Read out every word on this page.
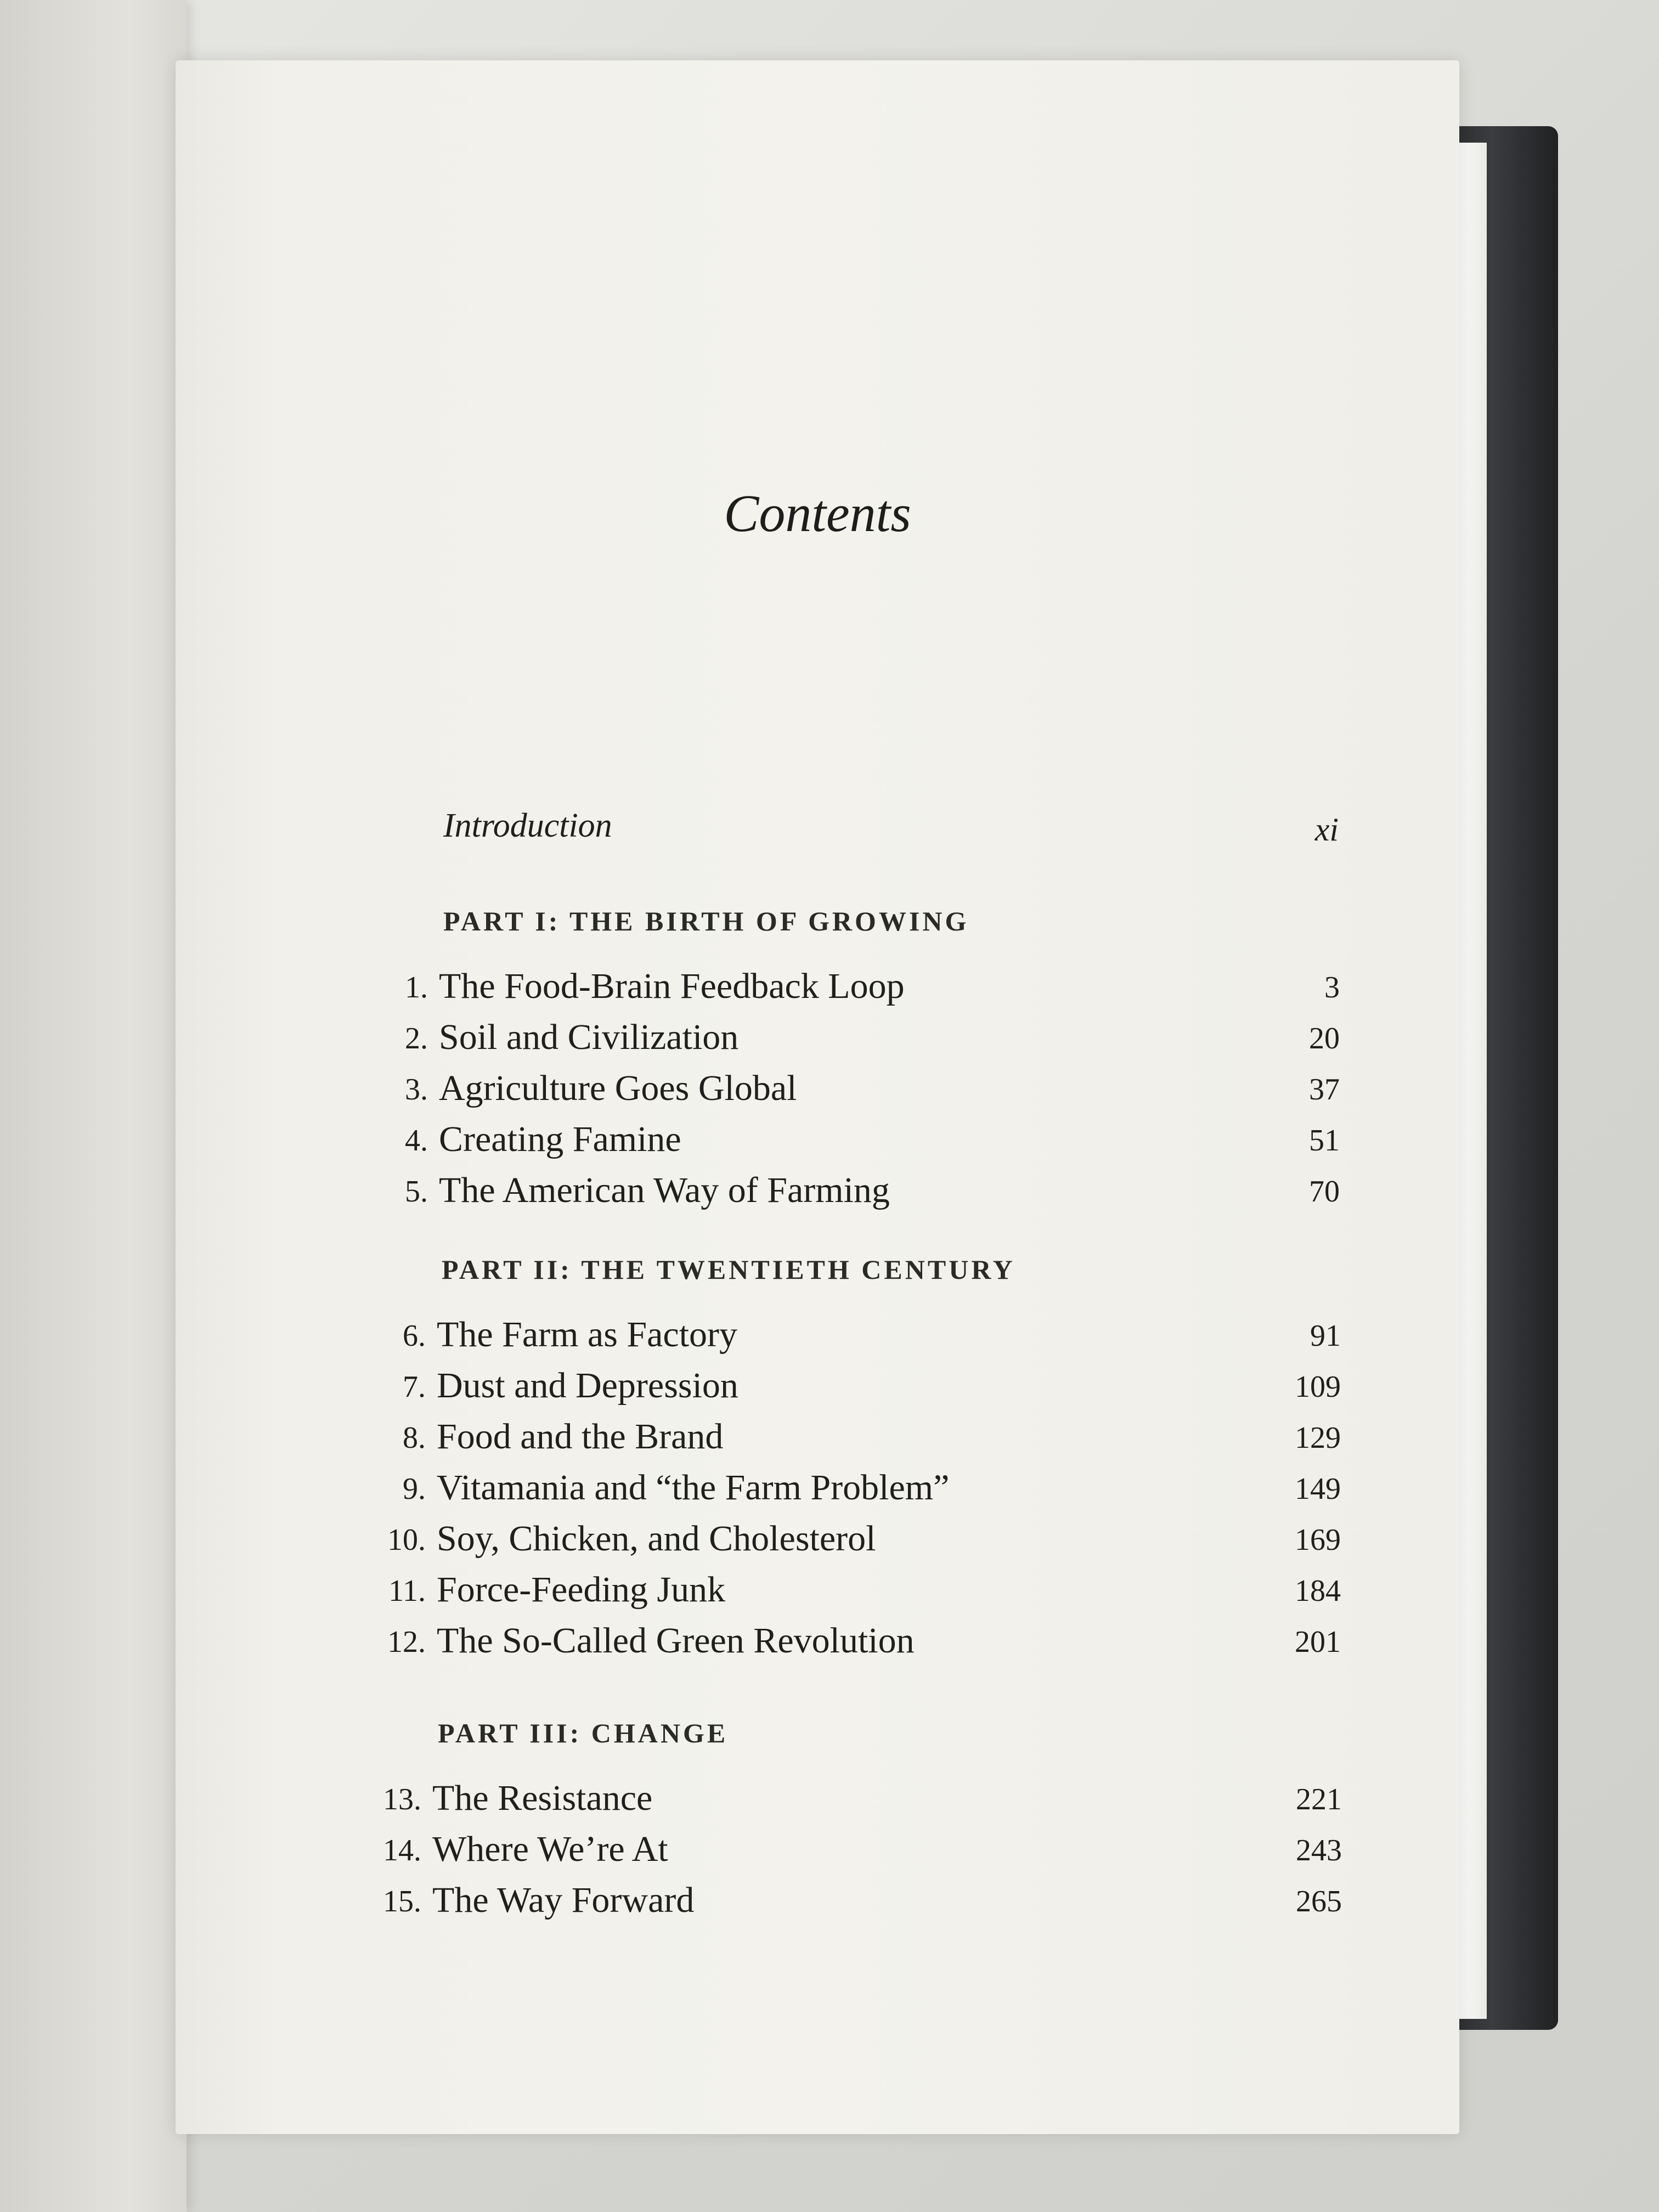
Contents
Introduction	xi
PART I: THE BIRTH OF GROWING
1. The Food-Brain Feedback Loop	3
2. Soil and Civilization	20
3. Agriculture Goes Global	37
4. Creating Famine	51
5. The American Way of Farming	70
PART II: THE TWENTIETH CENTURY
6. The Farm as Factory	91
7. Dust and Depression	109
8. Food and the Brand	129
9. Vitamania and “the Farm Problem”	149
10. Soy, Chicken, and Cholesterol	169
11. Force-Feeding Junk	184
12. The So-Called Green Revolution	201
PART III: CHANGE
13. The Resistance	221
14. Where We’re At	243
15. The Way Forward	265
